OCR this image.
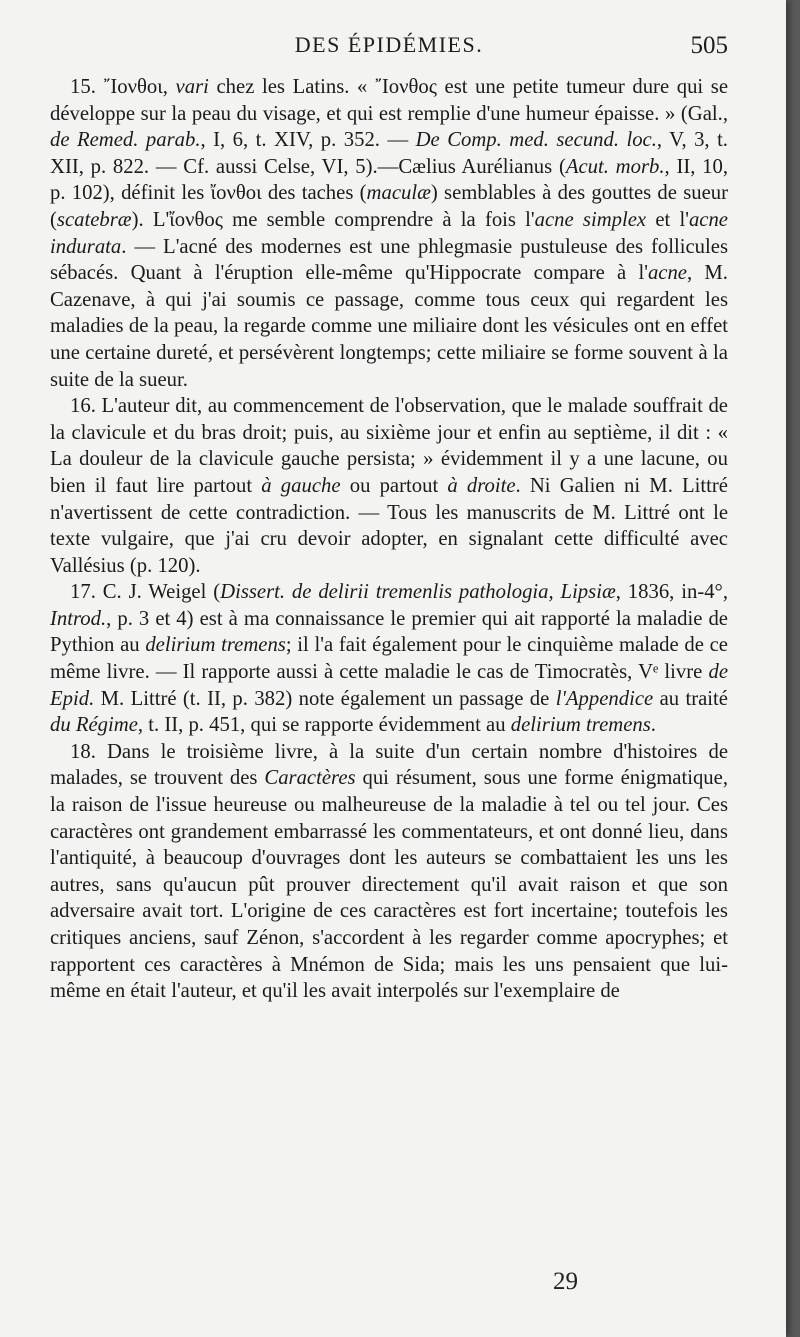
DES ÉPIDÉMIES.	505

15. ῎Ιονθοι, vari chez les Latins. « ῎Ιονθος est une petite tumeur dure qui se développe sur la peau du visage, et qui est remplie d'une humeur épaisse. » (Gal., de Remed. parab., I, 6, t. XIV, p. 352. — De Comp. med. secund. loc., V, 3, t. XII, p. 822. — Cf. aussi Celse, VI, 5).—Cælius Aurélianus (Acut. morb., II, 10, p. 102), définit les ἴονθοι des taches (maculæ) semblables à des gouttes de sueur (scatebræ). L'ἴονθος me semble comprendre à la fois l'acne simplex et l'acne indurata. — L'acné des modernes est une phlegmasie pustuleuse des follicules sébacés. Quant à l'éruption elle-même qu'Hippocrate compare à l'acne, M. Cazenave, à qui j'ai soumis ce passage, comme tous ceux qui regardent les maladies de la peau, la regarde comme une miliaire dont les vésicules ont en effet une certaine dureté, et persévèrent longtemps; cette miliaire se forme souvent à la suite de la sueur.

16. L'auteur dit, au commencement de l'observation, que le malade souffrait de la clavicule et du bras droit; puis, au sixième jour et enfin au septième, il dit : « La douleur de la clavicule gauche persista; » évidemment il y a une lacune, ou bien il faut lire partout à gauche ou partout à droite. Ni Galien ni M. Littré n'avertissent de cette contradiction. — Tous les manuscrits de M. Littré ont le texte vulgaire, que j'ai cru devoir adopter, en signalant cette difficulté avec Vallésius (p. 120).

17. C. J. Weigel (Dissert. de delirii tremenlis pathologia, Lipsiæ, 1836, in-4°, Introd., p. 3 et 4) est à ma connaissance le premier qui ait rapporté la maladie de Pythion au delirium tremens; il l'a fait également pour le cinquième malade de ce même livre. — Il rapporte aussi à cette maladie le cas de Timocratès, Vᵉ livre de Epid. M. Littré (t. II, p. 382) note également un passage de l'Appendice au traité du Régime, t. II, p. 451, qui se rapporte évidemment au delirium tremens.

18. Dans le troisième livre, à la suite d'un certain nombre d'histoires de malades, se trouvent des Caractères qui résument, sous une forme énigmatique, la raison de l'issue heureuse ou malheureuse de la maladie à tel ou tel jour. Ces caractères ont grandement embarrassé les commentateurs, et ont donné lieu, dans l'antiquité, à beaucoup d'ouvrages dont les auteurs se combattaient les uns les autres, sans qu'aucun pût prouver directement qu'il avait raison et que son adversaire avait tort. L'origine de ces caractères est fort incertaine; toutefois les critiques anciens, sauf Zénon, s'accordent à les regarder comme apocryphes; et rapportent ces caractères à Mnémon de Sida; mais les uns pensaient que lui-même en était l'auteur, et qu'il les avait interpolés sur l'exemplaire de

29
